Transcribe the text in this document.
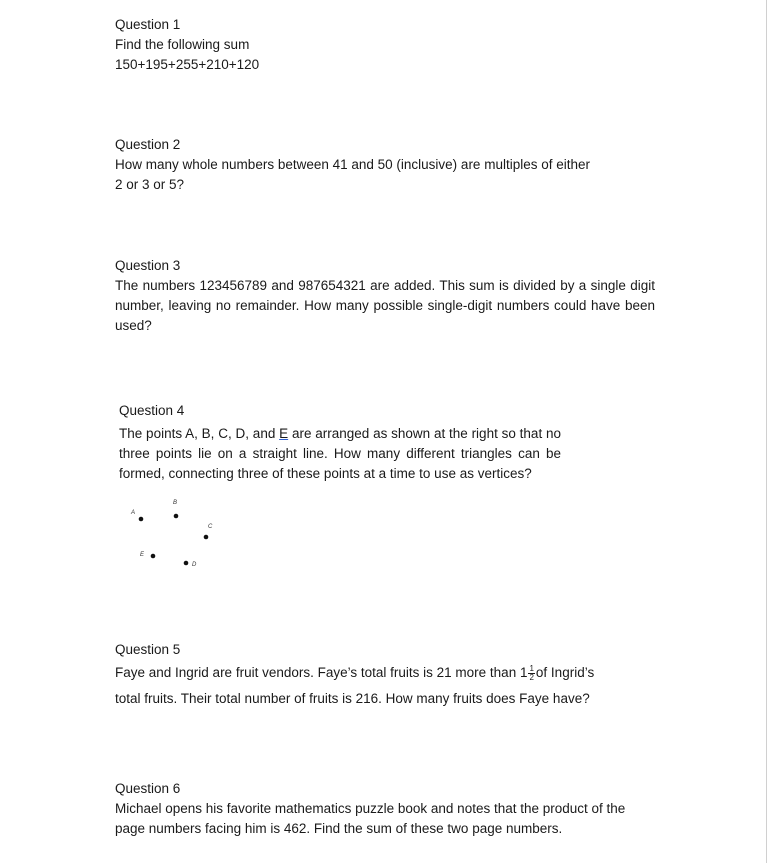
Question 1

Find the following sum

150+195+255+210+120

Question 2

How many whole numbers between 41 and 50 (inclusive) are multiples of either

2 or 3 or 5?

Question 3

The numbers 123456789 and 987654321 are added. This sum is divided by a single digit number, leaving no remainder. How many possible single-digit numbers could have been used?

Question 4

The points A, B, C, D, and E are arranged as shown at the right so that no three points lie on a straight line. How many different triangles can be formed, connecting three of these points at a time to use as vertices?

A
B
C
D
E

Question 5

Faye and Ingrid are fruit vendors. Faye’s total fruits is 21 more than $1 \frac{1}{2}$ of Ingrid’s

total fruits. Their total number of fruits is 216. How many fruits does Faye have?

Question 6

Michael opens his favorite mathematics puzzle book and notes that the product of the page numbers facing him is 462. Find the sum of these two page numbers.
